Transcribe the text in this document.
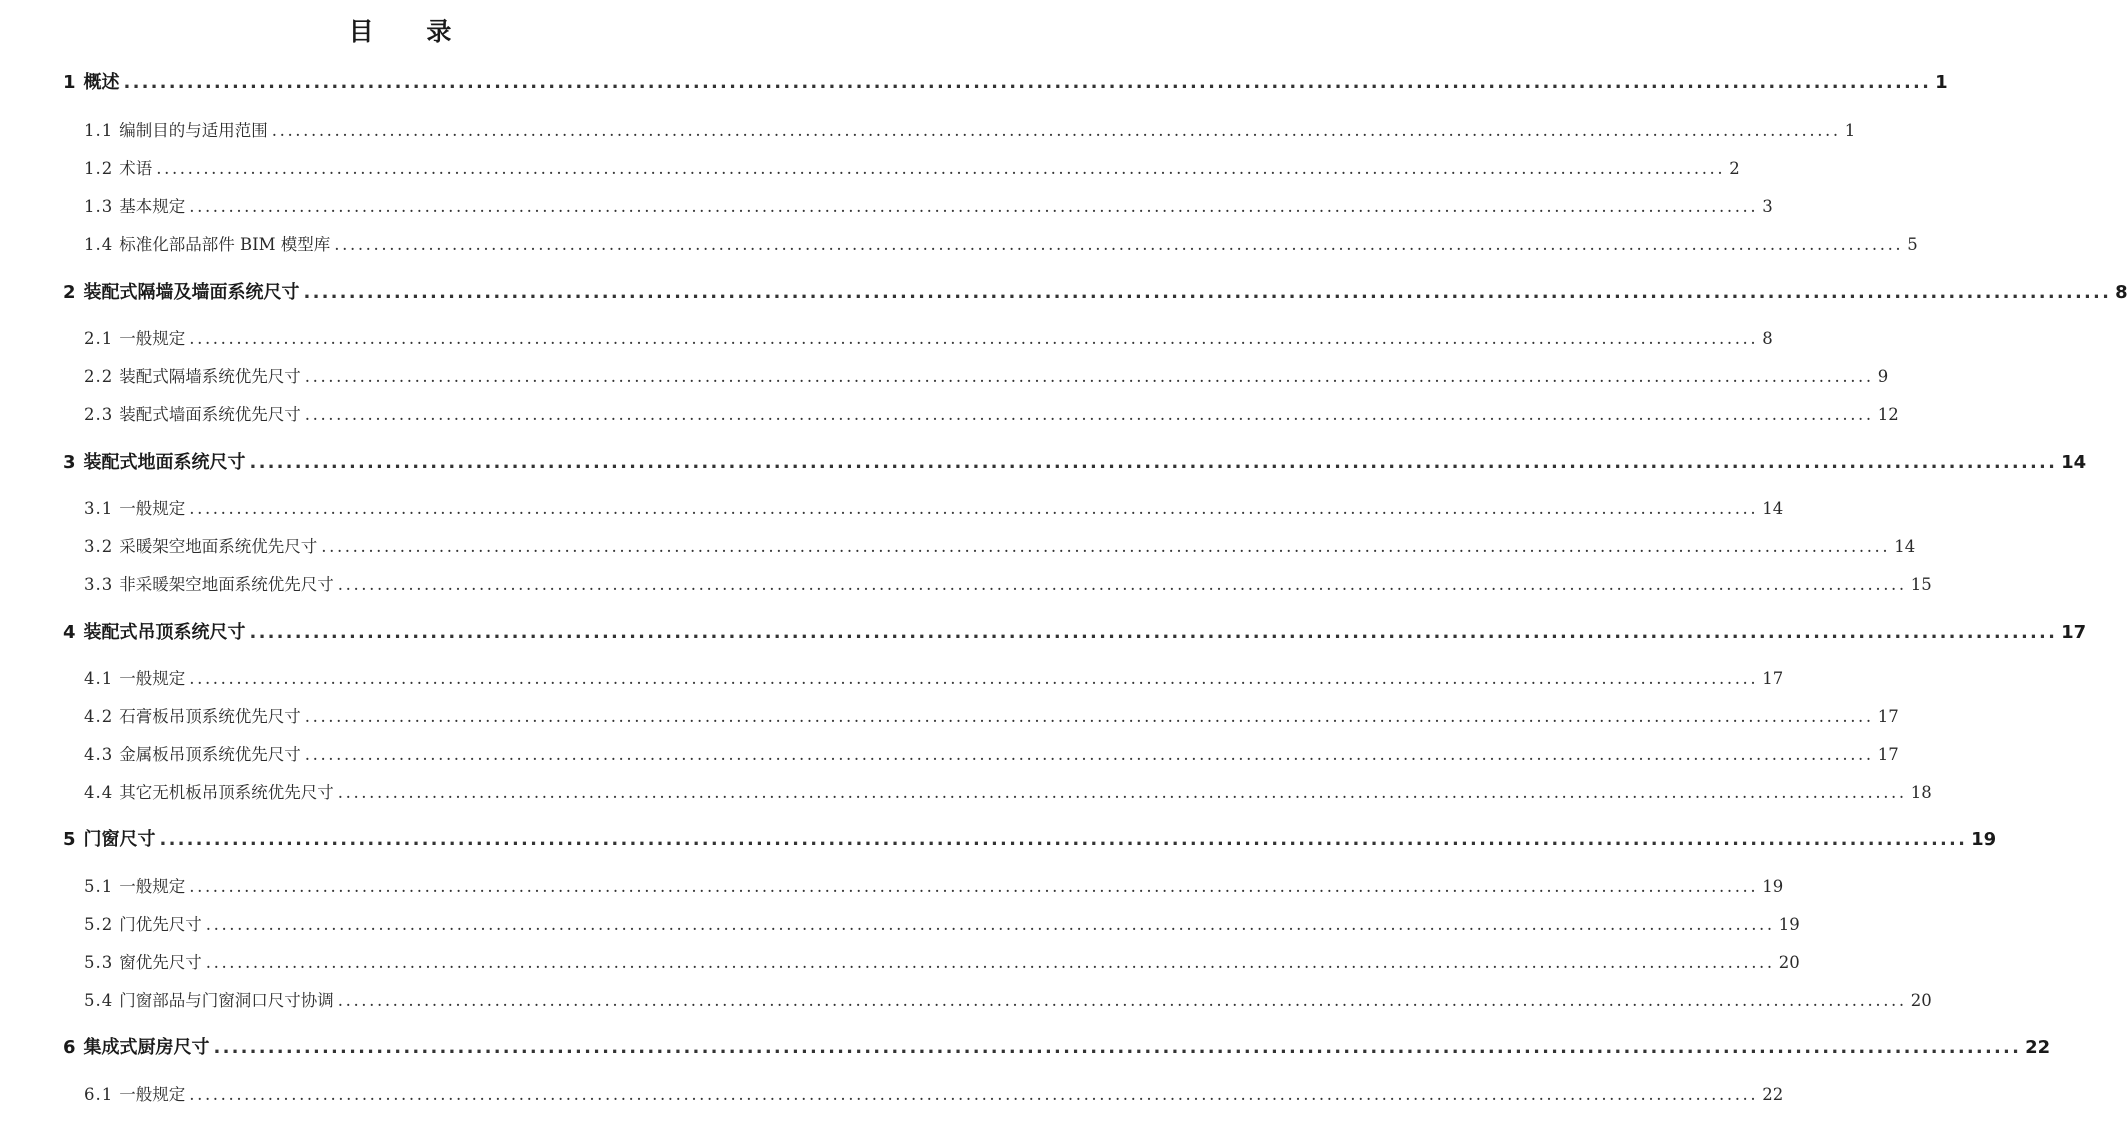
目 录
1 概述 ........................................................................................................................................................................................................ 1
1.1 编制目的与适用范围 ........................................................................................................................................................................................................ 1
1.2 术语 ........................................................................................................................................................................................................ 2
1.3 基本规定 ........................................................................................................................................................................................................ 3
1.4 标准化部品部件 BIM 模型库 ........................................................................................................................................................................................................ 5
2 装配式隔墙及墙面系统尺寸 ........................................................................................................................................................................................................ 8
2.1 一般规定 ........................................................................................................................................................................................................ 8
2.2 装配式隔墙系统优先尺寸 ........................................................................................................................................................................................................ 9
2.3 装配式墙面系统优先尺寸 ........................................................................................................................................................................................................ 12
3 装配式地面系统尺寸 ........................................................................................................................................................................................................ 14
3.1 一般规定 ........................................................................................................................................................................................................ 14
3.2 采暖架空地面系统优先尺寸 ........................................................................................................................................................................................................ 14
3.3 非采暖架空地面系统优先尺寸 ........................................................................................................................................................................................................ 15
4 装配式吊顶系统尺寸 ........................................................................................................................................................................................................ 17
4.1 一般规定 ........................................................................................................................................................................................................ 17
4.2 石膏板吊顶系统优先尺寸 ........................................................................................................................................................................................................ 17
4.3 金属板吊顶系统优先尺寸 ........................................................................................................................................................................................................ 17
4.4 其它无机板吊顶系统优先尺寸 ........................................................................................................................................................................................................ 18
5 门窗尺寸 ........................................................................................................................................................................................................ 19
5.1 一般规定 ........................................................................................................................................................................................................ 19
5.2 门优先尺寸 ........................................................................................................................................................................................................ 19
5.3 窗优先尺寸 ........................................................................................................................................................................................................ 20
5.4 门窗部品与门窗洞口尺寸协调 ........................................................................................................................................................................................................ 20
6 集成式厨房尺寸 ........................................................................................................................................................................................................ 22
6.1 一般规定 ........................................................................................................................................................................................................ 22
